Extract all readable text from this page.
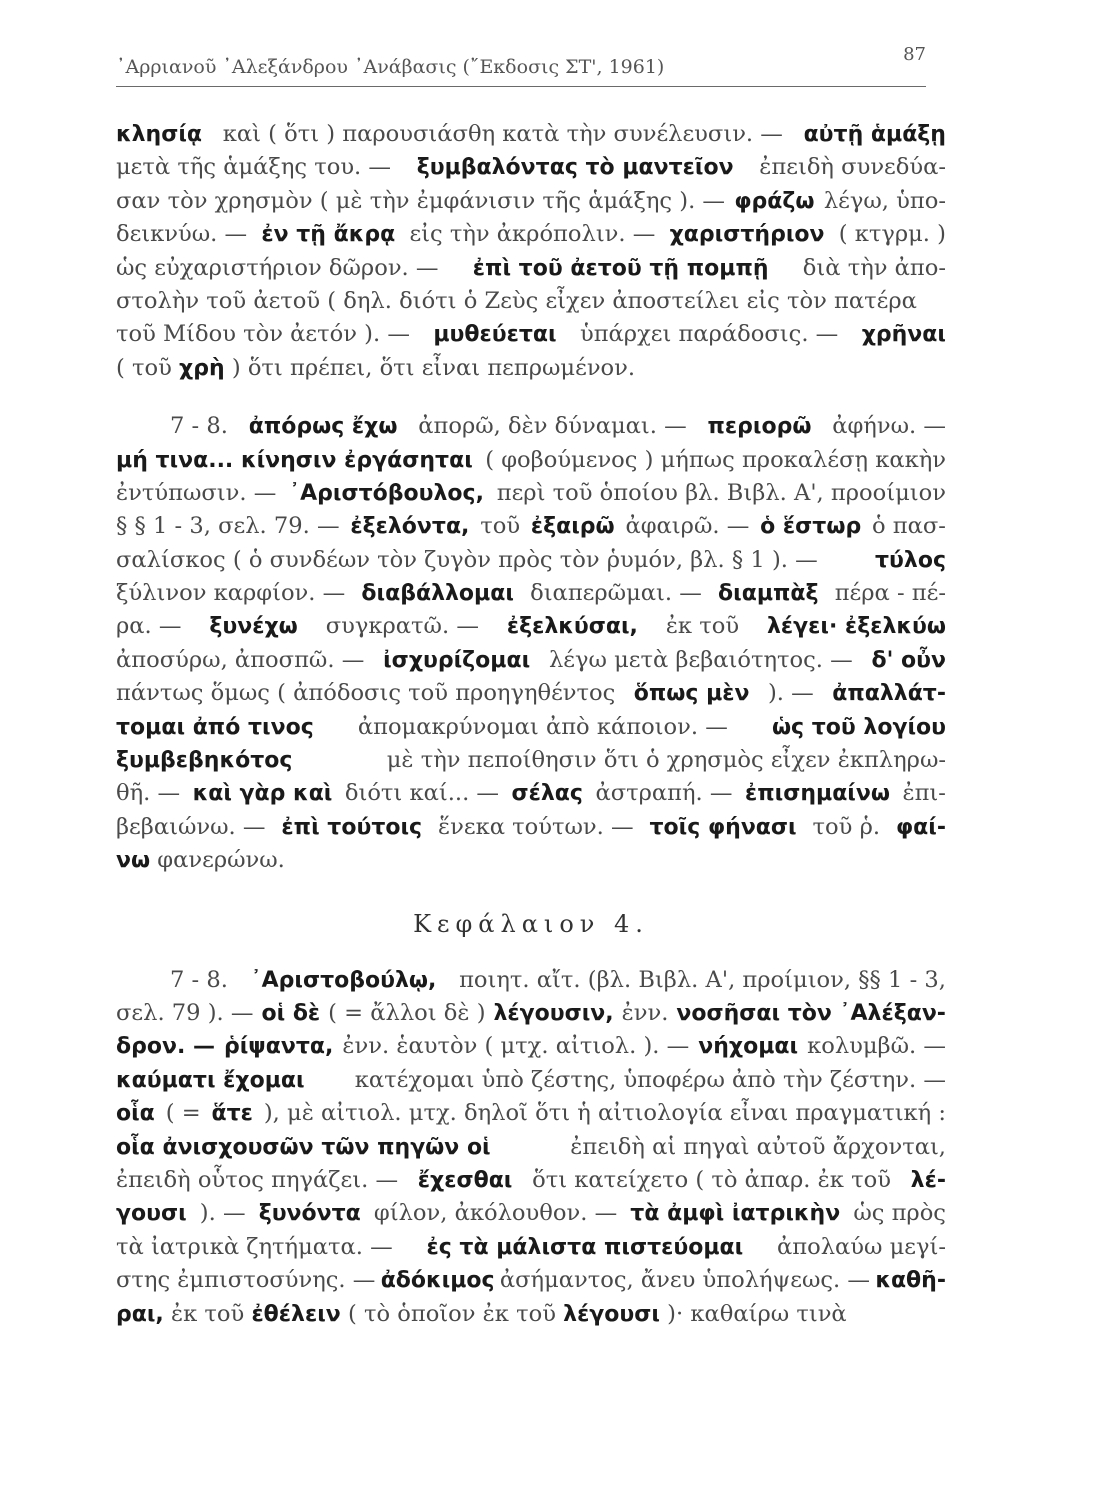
᾿Αρριανοῦ ᾿Αλεξάνδρου ᾿Ανάβασις (῎Εκδοσις ΣΤ', 1961)
87
κλησίᾳ καὶ ( ὅτι ) παρουσιάσθη κατὰ τὴν συνέλευσιν. — αὐτῇ ἁμάξῃ
μετὰ τῆς ἁμάξης του. — ξυμβαλόντας τὸ μαντεῖον ἐπειδὴ συνεδύα-
σαν τὸν χρησμὸν ( μὲ τὴν ἐμφάνισιν τῆς ἁμάξης ). — φράζω λέγω, ὑπο-
δεικνύω. — ἐν τῇ ἄκρᾳ εἰς τὴν ἀκρόπολιν. — χαριστήριον ( κτγρμ. )
ὡς εὐχαριστήριον δῶρον. — ἐπὶ τοῦ ἀετοῦ τῇ πομπῇ διὰ τὴν ἀπο-
στολὴν τοῦ ἀετοῦ ( δηλ. διότι ὁ Ζεὺς εἶχεν ἀποστείλει εἰς τὸν πατέρα
τοῦ Μίδου τὸν ἀετόν ). — μυθεύεται ὑπάρχει παράδοσις. — χρῆναι
( τοῦ χρὴ ) ὅτι πρέπει, ὅτι εἶναι πεπρωμένον.
7 - 8. ἀπόρως ἔχω ἀπορῶ, δὲν δύναμαι. — περιορῶ ἀφήνω. —
μή τινα... κίνησιν ἐργάσηται ( φοβούμενος ) μήπως προκαλέσῃ κακὴν
ἐντύπωσιν. — ᾿Αριστόβουλος, περὶ τοῦ ὁποίου βλ. Βιβλ. Α', προοίμιον
§ § 1 - 3, σελ. 79. — ἐξελόντα, τοῦ ἐξαιρῶ ἀφαιρῶ. — ὁ ἕστωρ ὁ πασ-
σαλίσκος ( ὁ συνδέων τὸν ζυγὸν πρὸς τὸν ῥυμόν, βλ. § 1 ). —	τύλος
ξύλινον καρφίον. — διαβάλλομαι διαπερῶμαι. — διαμπὰξ πέρα - πέ-
ρα. — ξυνέχω συγκρατῶ. — ἐξελκύσαι, ἐκ τοῦ λέγει· ἐξελκύω
ἀποσύρω, ἀποσπῶ. — ἰσχυρίζομαι λέγω μετὰ βεβαιότητος. — δ' οὖν
πάντως ὅμως ( ἀπόδοσις τοῦ προηγηθέντος ὅπως μὲν ). — ἀπαλλάτ-
τομαι ἀπό τινος ἀπομακρύνομαι ἀπὸ κάποιον. — ὡς τοῦ λογίου
ξυμβεβηκότος	μὲ τὴν πεποίθησιν ὅτι ὁ χρησμὸς εἶχεν ἐκπληρω-
θῆ. — καὶ γὰρ καὶ διότι καί... — σέλας ἀστραπή. — ἐπισημαίνω ἐπι-
βεβαιώνω. — ἐπὶ τούτοις ἕνεκα τούτων. — τοῖς φήνασι τοῦ ῥ. φαί-
νω φανερώνω.
Κεφάλαιον 4.
7 - 8. ᾿Αριστοβούλῳ, ποιητ. αἴτ. (βλ. Βιβλ. Α', προίμιον, §§ 1 - 3,
σελ. 79 ). — οἱ δὲ ( = ἄλλοι δὲ ) λέγουσιν, ἐνν. νοσῆσαι τὸν ᾿Αλέξαν-
δρον. — ῥίψαντα, ἐνν. ἑαυτὸν ( μτχ. αἰτιολ. ). — νήχομαι κολυμβῶ. —
καύματι ἔχομαι κατέχομαι ὑπὸ ζέστης, ὑποφέρω ἀπὸ τὴν ζέστην. —
οἷα ( = ἅτε ), μὲ αἰτιολ. μτχ. δηλοῖ ὅτι ἡ αἰτιολογία εἶναι πραγματική :
οἷα ἀνισχουσῶν τῶν πηγῶν οἱ	ἐπειδὴ αἱ πηγαὶ αὐτοῦ ἄρχονται,
ἐπειδὴ οὗτος πηγάζει. — ἔχεσθαι ὅτι κατείχετο ( τὸ ἀπαρ. ἐκ τοῦ λέ-
γουσι ). — ξυνόντα φίλον, ἀκόλουθον. — τὰ ἀμφὶ ἰατρικὴν ὡς πρὸς
τὰ ἰατρικὰ ζητήματα. — ἐς τὰ μάλιστα πιστεύομαι ἀπολαύω μεγί-
στης ἐμπιστοσύνης. — ἀδόκιμος ἀσήμαντος, ἄνευ ὑπολήψεως. — καθῆ-
ραι, ἐκ τοῦ ἐθέλειν ( τὸ ὁποῖον ἐκ τοῦ λέγουσι )· καθαίρω τινὰ
